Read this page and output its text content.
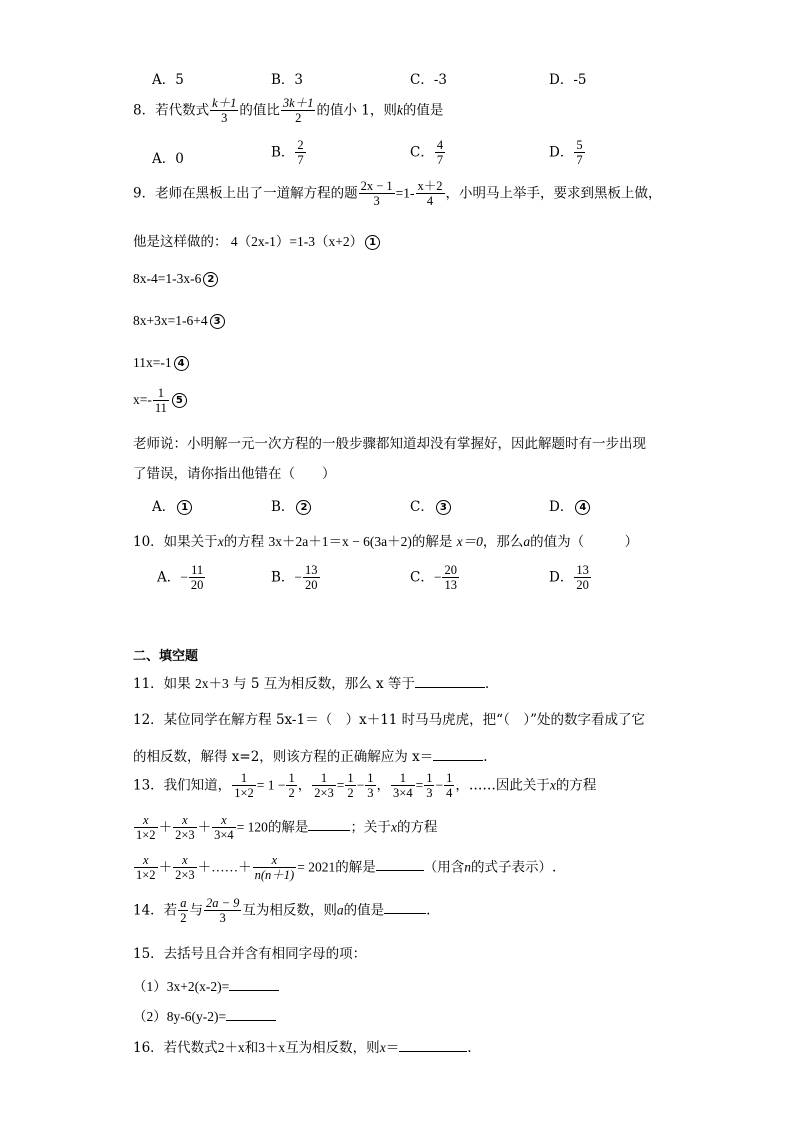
A．5	B．3	C．-3	D．-5
8．若代数式 $\frac{k+1}{3}$ 的值比 $\frac{3k+1}{2}$ 的值小 1，则k的值是
A．0	B． $\frac{2}{7}$	C． $\frac{4}{7}$	D． $\frac{5}{7}$
9．老师在黑板上出了一道解方程的题 $\frac{2x - 1}{3} =1- \frac{x+2}{4}$ ，小明马上举手，要求到黑板上做，
他是这样做的： 4（2x-1）=1-3（x+2） 1
8x-4=1-3x-6 2
8x+3x=1-6+4 3
11x=-1 4
$x=- \frac{1}{11} 5$
老师说：小明解一元一次方程的一般步骤都知道却没有掌握好，因此解题时有一步出现
了错误，请你指出他错在（　　）
A． 1	B． 2	C． 3	D． 4
10．如果关于x的方程 3x＋2a＋1＝x − 6(3a＋2)的解是 x＝0，那么a的值为（　　　）
A．− $\frac{11}{20}$	B．− $\frac{13}{20}$	C．− $\frac{20}{13}$	D． $\frac{13}{20}$
二、填空题
11．如果 2x＋3 与 5 互为相反数，那么 x 等于	.
12．某位同学在解方程 5x-1＝（　）x＋11 时马马虎虎，把“（　）”处的数字看成了它
的相反数，解得 x=2，则该方程的正确解应为 x＝	.
13．我们知道， $\frac{1}{1\times 2} = 1 - \frac{1}{2}$ ， $\frac{1}{2\times 3} = \frac{1}{2} - \frac{1}{3}$ ， $\frac{1}{3\times 4} = \frac{1}{3} - \frac{1}{4}$ ，……因此关于x的方程
$\frac{x}{1\times 2} + \frac{x}{2\times 3} + \frac{x}{3\times 4} = 120$的解是	；关于x的方程
$\frac{x}{1\times 2} + \frac{x}{2\times 3}$ ＋……＋ $\frac{x}{n(n+1)} = 2021$的解是	（用含n的式子表示）.
14．若 $\frac{a}{2}$ 与 $\frac{2a - 9}{3}$ 互为相反数，则a的值是	.
15．去括号且合并含有相同字母的项：
（1）3x+2(x-2)=
（2）8y-6(y-2)=
16．若代数式2＋x和3＋x互为相反数，则x＝	.
